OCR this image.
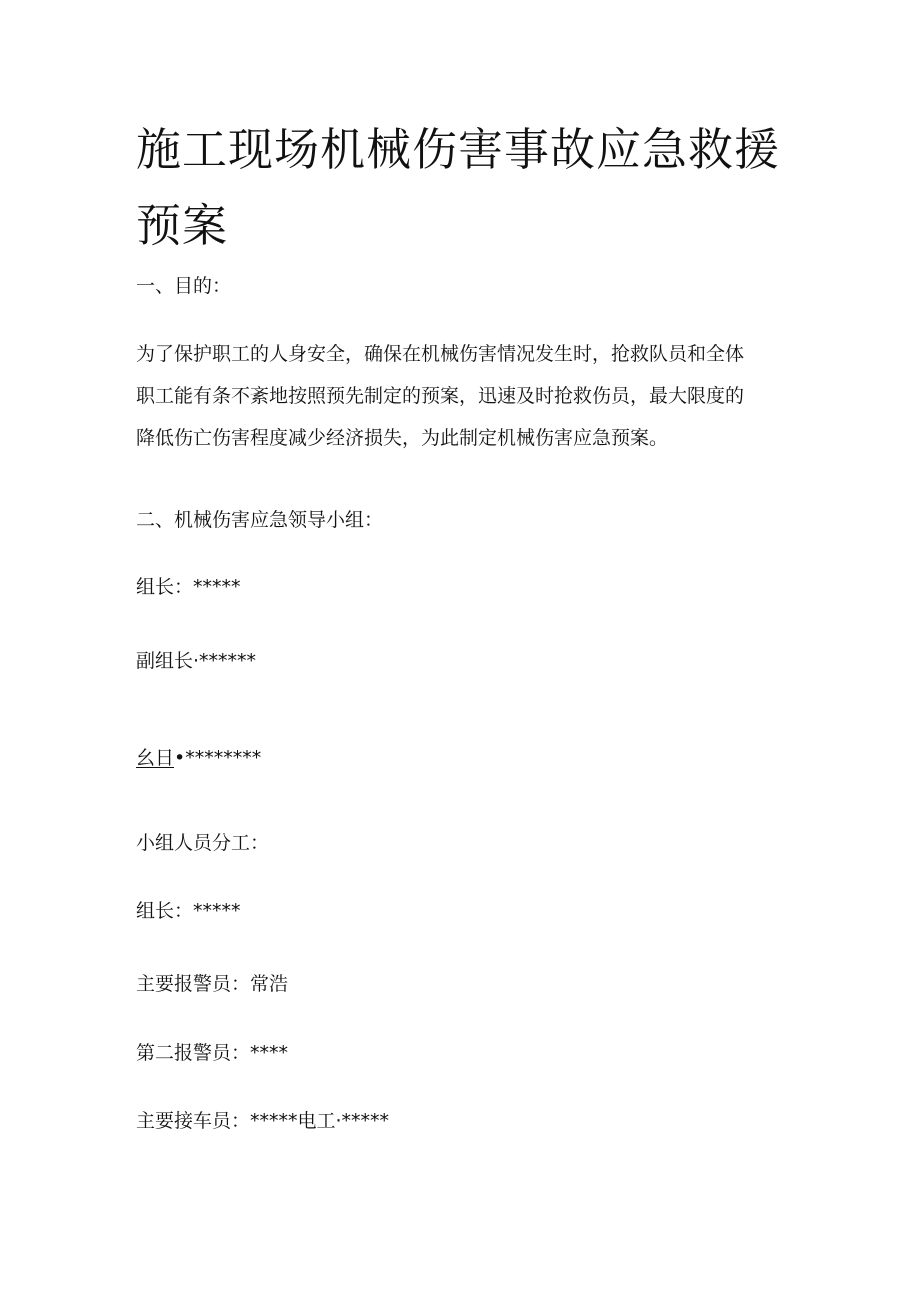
施工现场机械伤害事故应急救援预案

一、目的：

为了保护职工的人身安全，确保在机械伤害情况发生时，抢救队员和全体
职工能有条不紊地按照预先制定的预案，迅速及时抢救伤员，最大限度的
降低伤亡伤害程度减少经济损失，为此制定机械伤害应急预案。

二、机械伤害应急领导小组：

组长：*****

副组长·******

幺日•********

小组人员分工：

组长：*****

主要报警员：常浩

第二报警员：****

主要接车员：*****电工·*****
